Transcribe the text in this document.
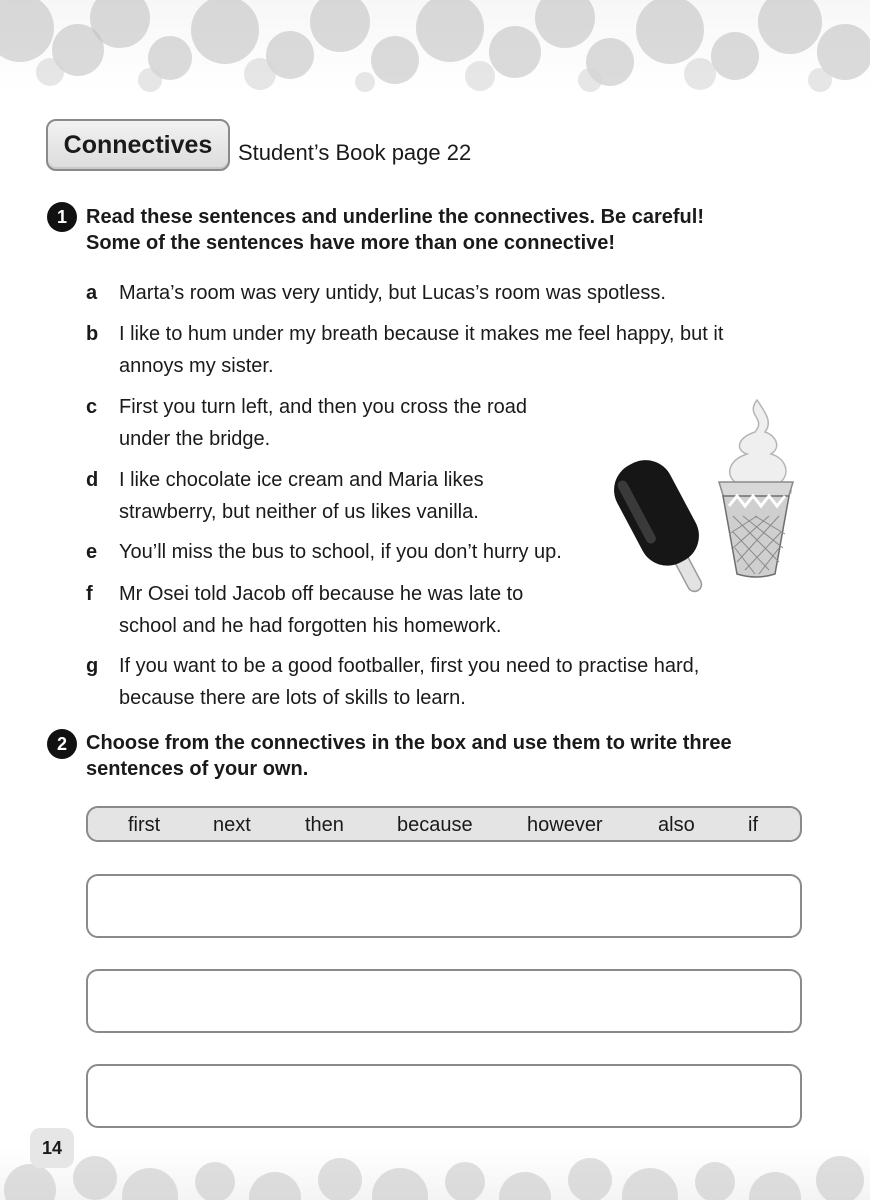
Connectives Student’s Book page 22
1 Read these sentences and underline the connectives. Be careful!
Some of the sentences have more than one connective!
a	Marta’s room was very untidy, but Lucas’s room was spotless.
b	I like to hum under my breath because it makes me feel happy, but it
annoys my sister.
c	First you turn left, and then you cross the road
under the bridge.
d	I like chocolate ice cream and Maria likes
strawberry, but neither of us likes vanilla.
e	You’ll miss the bus to school, if you don’t hurry up.
f	Mr Osei told Jacob off because he was late to
school and he had forgotten his homework.
g	If you want to be a good footballer, first you need to practise hard,
because there are lots of skills to learn.
2 Choose from the connectives in the box and use them to write three
sentences of your own.
first	next	then	because	however	also	if
14
